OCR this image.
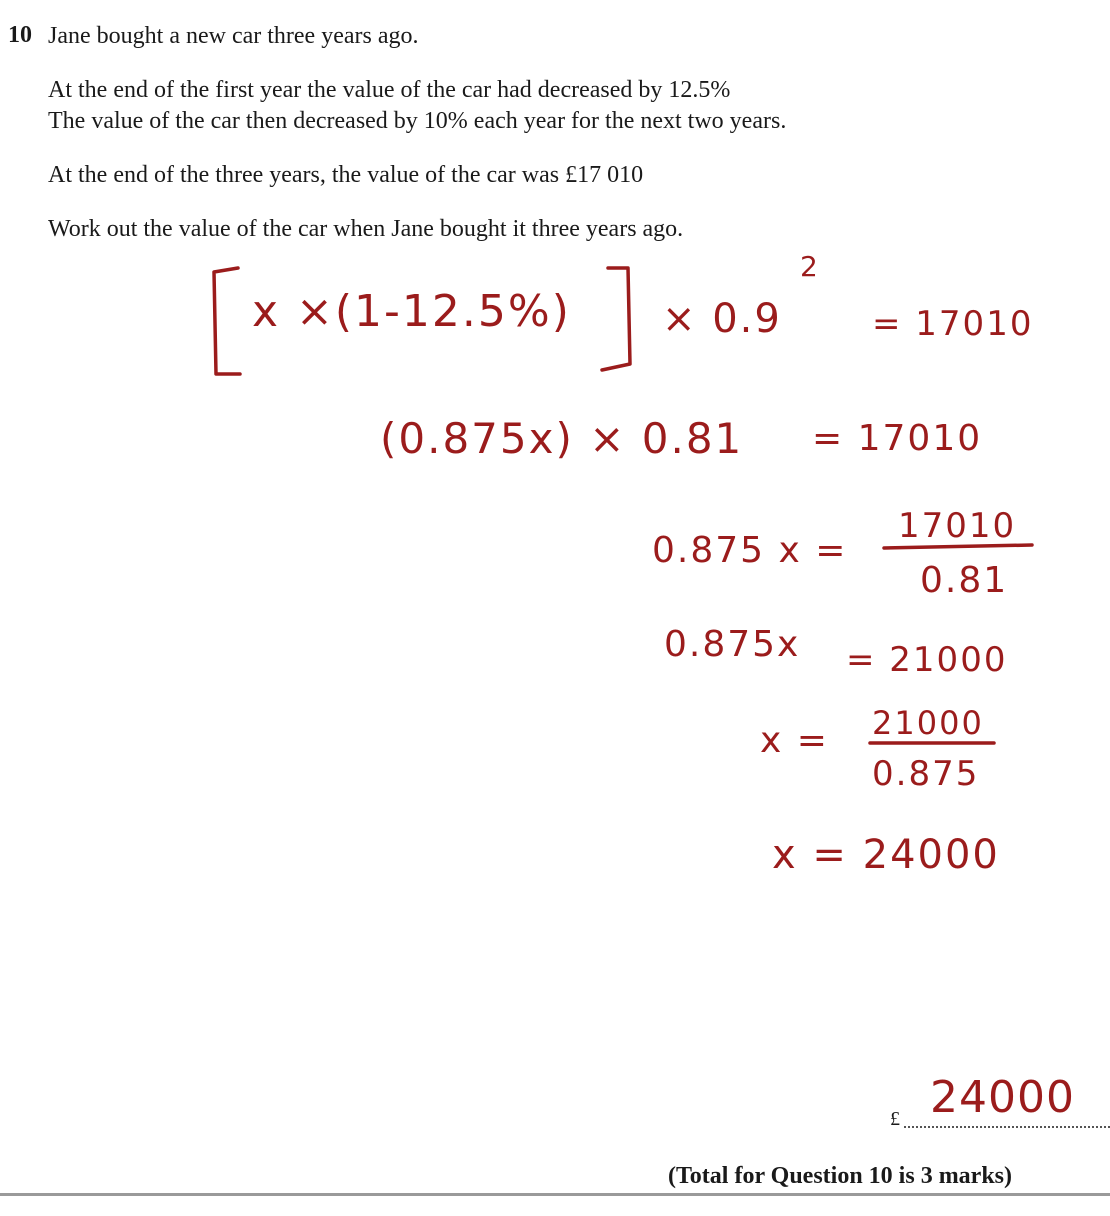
10 Jane bought a new car three years ago.
At the end of the first year the value of the car had decreased by 12.5%
The value of the car then decreased by 10% each year for the next two years.
At the end of the three years, the value of the car was £17 010
Work out the value of the car when Jane bought it three years ago.
x ×(1-12.5%) × 0.9
2
= 17010
(0.875x) × 0.81 = 17010
0.875 x =
17010
0.81
0.875x = 21000
x = 21000
0.875
x = 24000
£ 24000
(Total for Question 10 is 3 marks)
